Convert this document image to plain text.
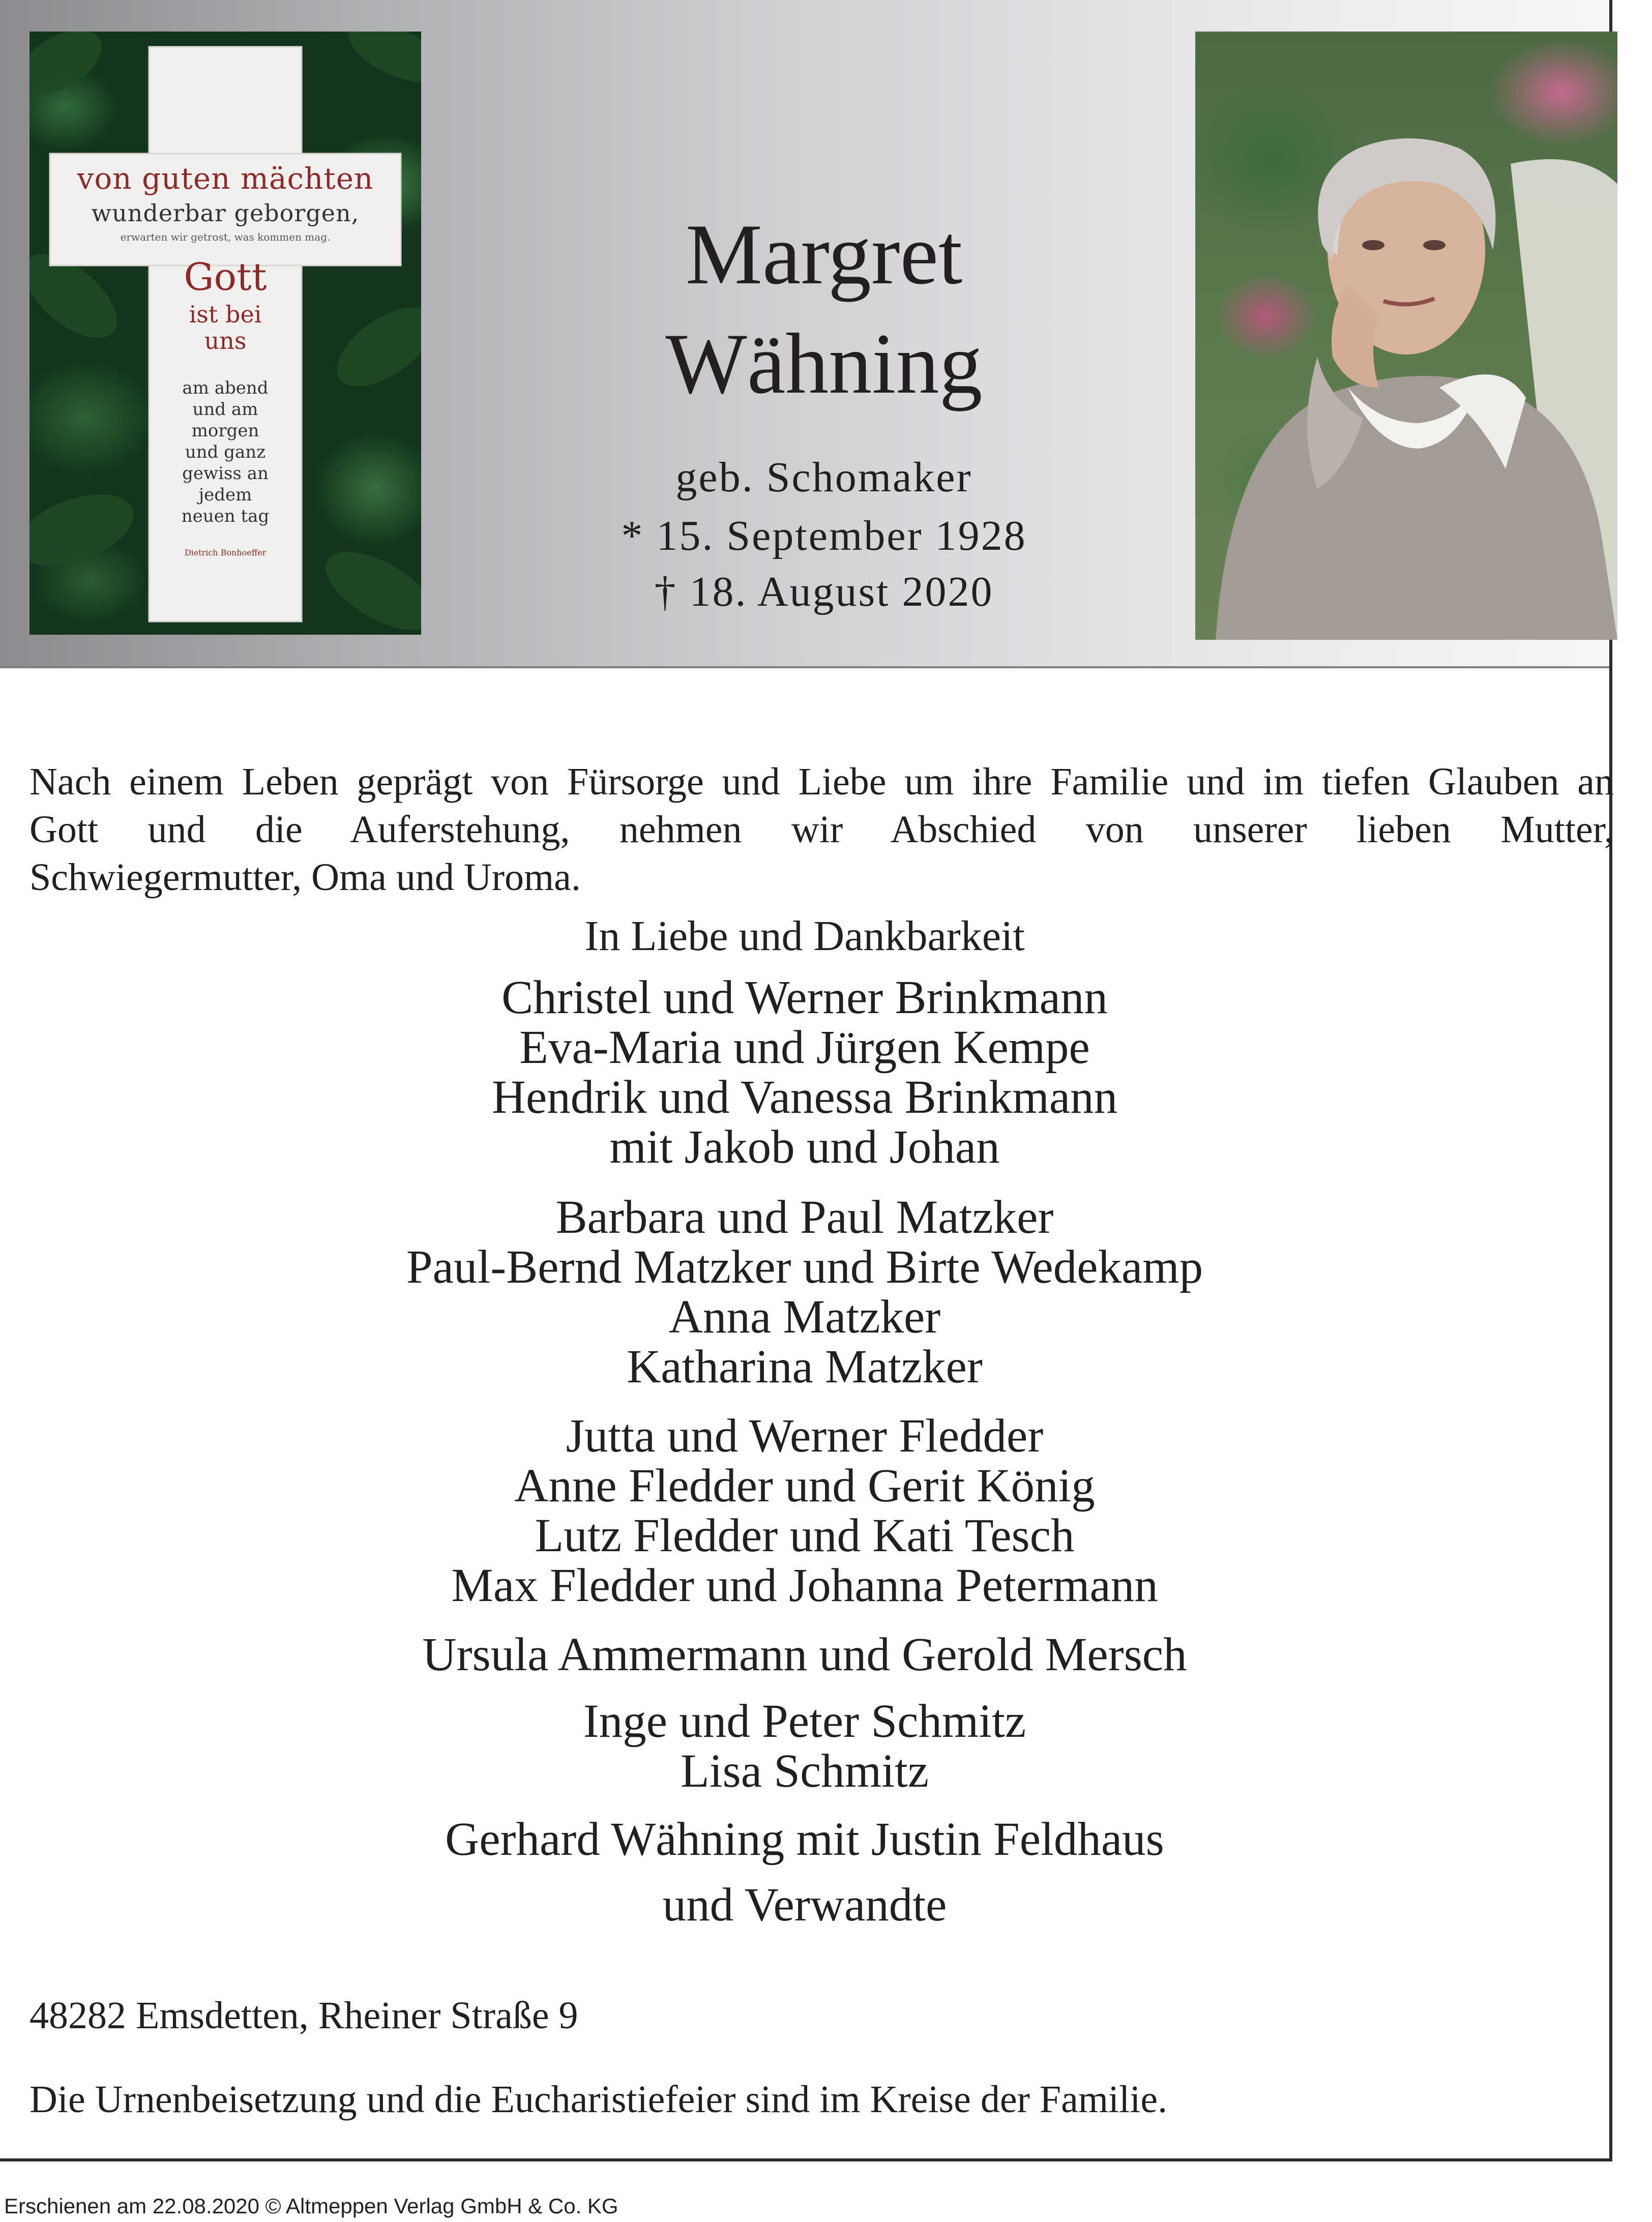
von guten mächten
wunderbar geborgen,
erwarten wir getrost, was kommen mag.
Gott
ist bei
uns
am abend
und am
morgen
und ganz
gewiss an
jedem
neuen tag
Dietrich Bonhoeffer
Margret
Wähning
geb. Schomaker
* 15. September 1928
† 18. August 2020
Nach einem Leben geprägt von Fürsorge und Liebe um ihre Familie und im tiefen Glauben an
Gott und die Auferstehung, nehmen wir Abschied von unserer lieben Mutter,
Schwiegermutter, Oma und Uroma.
In Liebe und Dankbarkeit
Christel und Werner Brinkmann
Eva-Maria und Jürgen Kempe
Hendrik und Vanessa Brinkmann
mit Jakob und Johan
Barbara und Paul Matzker
Paul-Bernd Matzker und Birte Wedekamp
Anna Matzker
Katharina Matzker
Jutta und Werner Fledder
Anne Fledder und Gerit König
Lutz Fledder und Kati Tesch
Max Fledder und Johanna Petermann
Ursula Ammermann und Gerold Mersch
Inge und Peter Schmitz
Lisa Schmitz
Gerhard Wähning mit Justin Feldhaus
und Verwandte
48282 Emsdetten, Rheiner Straße 9
Die Urnenbeisetzung und die Eucharistiefeier sind im Kreise der Familie.
Erschienen am 22.08.2020 © Altmeppen Verlag GmbH & Co. KG
